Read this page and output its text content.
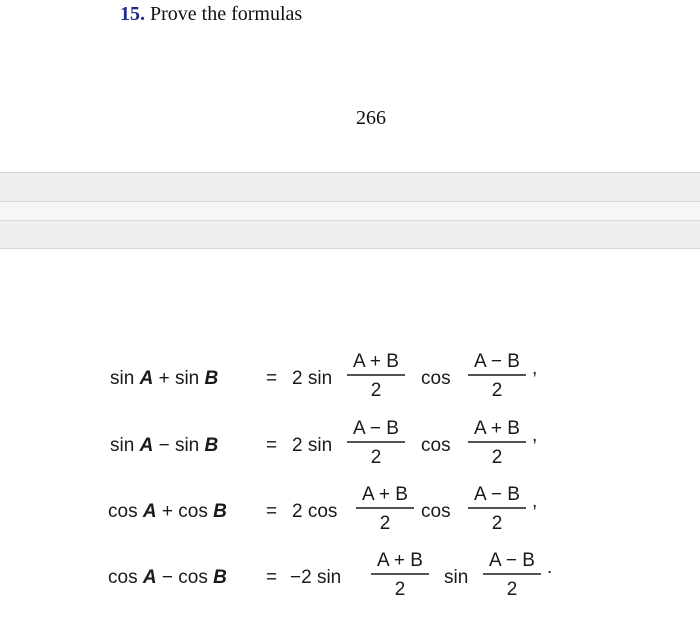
15. Prove the formulas
266
sin A + sin B	= 2 sin
A + B
2
cos
A − B
2
,
sin A − sin B	= 2 sin
A − B
2
cos
A + B
2
,
cos A + cos B = 2 cos
A + B
2
cos
A − B
2
,
cos A − cos B = −2 sin
A + B
2
sin
A − B
2
.
